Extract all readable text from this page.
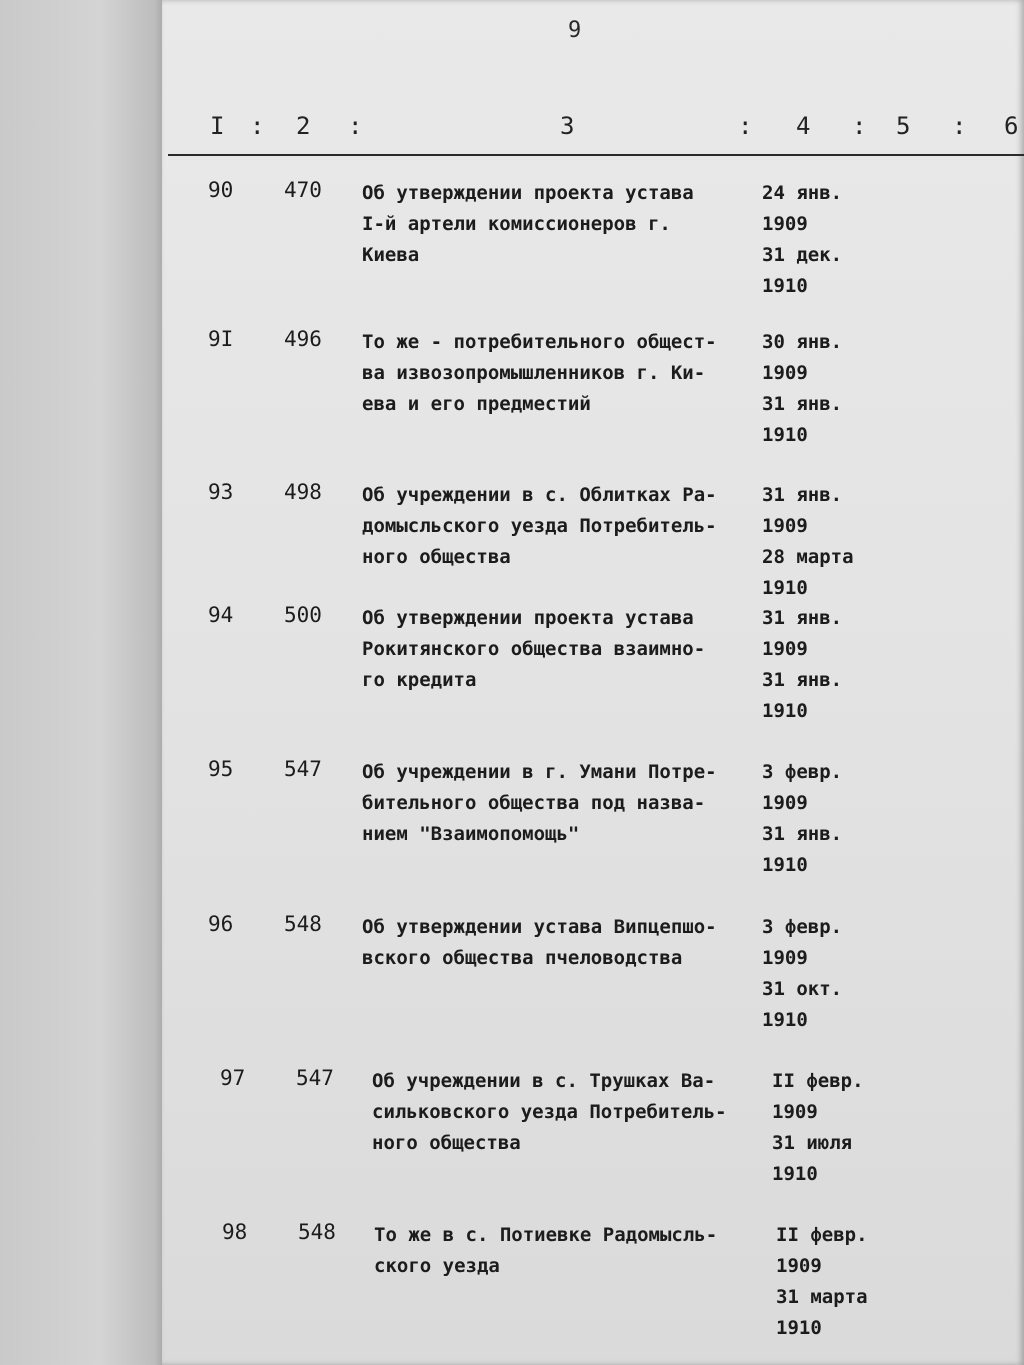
9
I : 2 :	3	: 4 : 5 : 6
90 470 Об утверждении проекта устава
I-й артели комиссионеров г.
Киева
24 янв.
1909
31 дек.
1910
9I 496 То же - потребительного общест-
ва извозопромышленников г. Ки-
ева и его предместий
30 янв.
1909
31 янв.
1910
93 498 Об учреждении в с. Облитках Ра-
домысльского уезда Потребитель-
ного общества
31 янв.
1909
28 марта
1910
94 500 Об утверждении проекта устава
Рокитянского общества взаимно-
го кредита
31 янв.
1909
31 янв.
1910
95 547 Об учреждении в г. Умани Потре-
бительного общества под назва-
нием "Взаимопомощь"
3 февр.
1909
31 янв.
1910
96 548 Об утверждении устава Випцепшо-
вского общества пчеловодства
3 февр.
1909
31 окт.
1910
97 547 Об учреждении в с. Трушках Ва-
сильковского уезда Потребитель-
ного общества
II февр.
1909
31 июля
1910
98 548 То же в с. Потиевке Радомысль-
ского уезда
II февр.
1909
31 марта
1910
